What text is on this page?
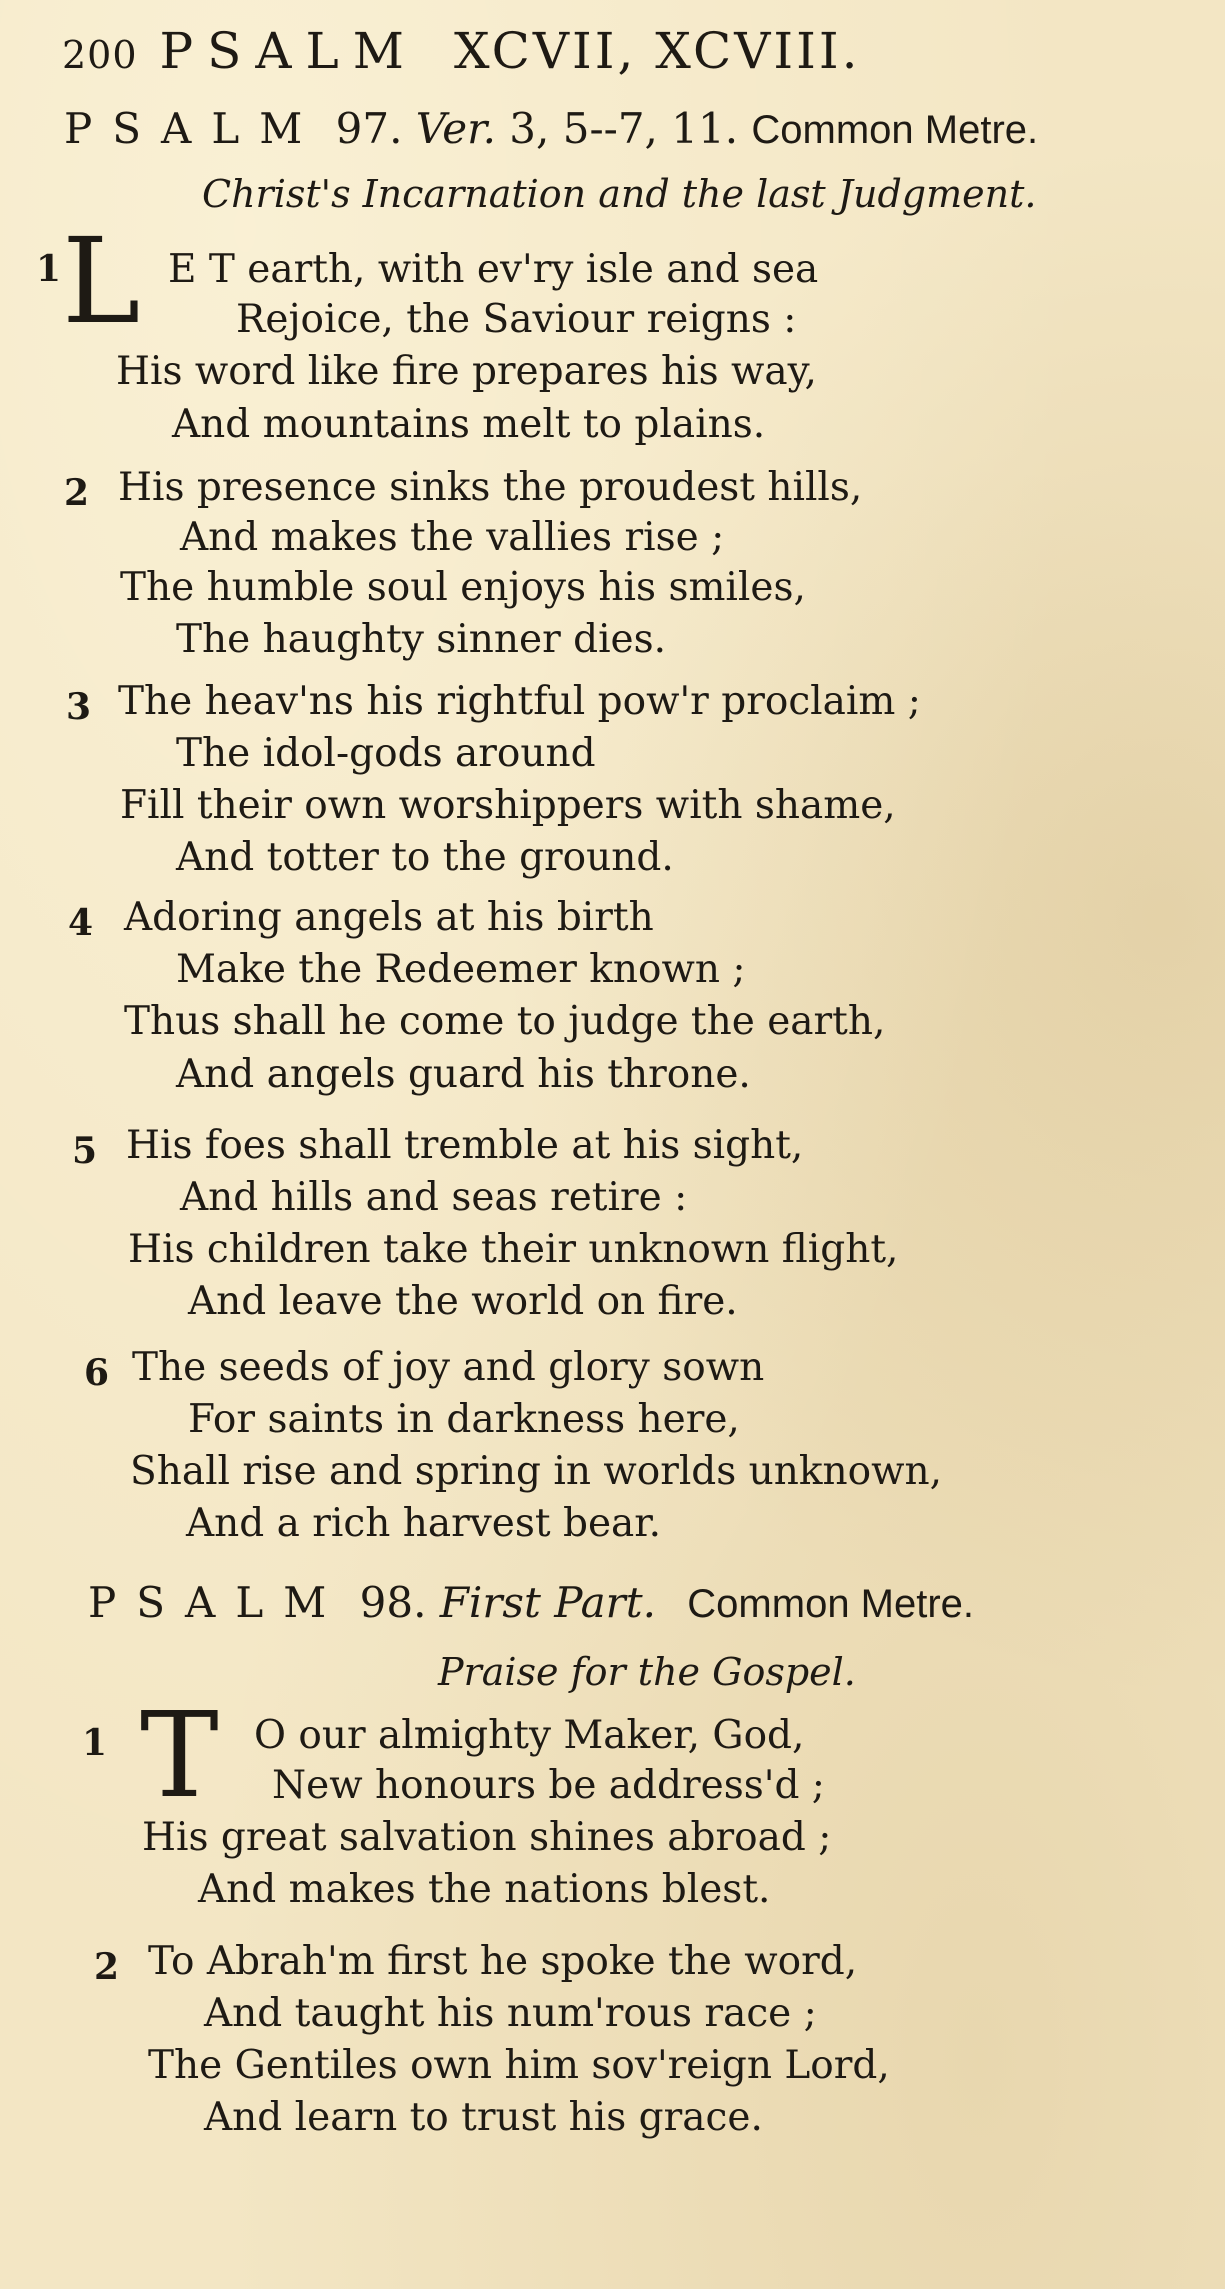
200 PSALM XCVII, XCVIII.
PSALM 97. Ver. 3, 5--7, 11. Common Metre.
Christ's Incarnation and the last Judgment.
1 L E T earth, with ev'ry isle and sea
Rejoice, the Saviour reigns :
His word like fire prepares his way,
And mountains melt to plains.
2 His presence sinks the proudest hills,
And makes the vallies rise ;
The humble soul enjoys his smiles,
The haughty sinner dies.
3 The heav'ns his rightful pow'r proclaim ;
The idol-gods around
Fill their own worshippers with shame,
And totter to the ground.
4 Adoring angels at his birth
Make the Redeemer known ;
Thus shall he come to judge the earth,
And angels guard his throne.
5 His foes shall tremble at his sight,
And hills and seas retire :
His children take their unknown flight,
And leave the world on fire.
6 The seeds of joy and glory sown
For saints in darkness here,
Shall rise and spring in worlds unknown,
And a rich harvest bear.
PSALM 98. First Part. Common Metre.
Praise for the Gospel.
1 T O our almighty Maker, God,
New honours be address'd ;
His great salvation shines abroad ;
And makes the nations blest.
2 To Abrah'm first he spoke the word,
And taught his num'rous race ;
The Gentiles own him sov'reign Lord,
And learn to trust his grace.
